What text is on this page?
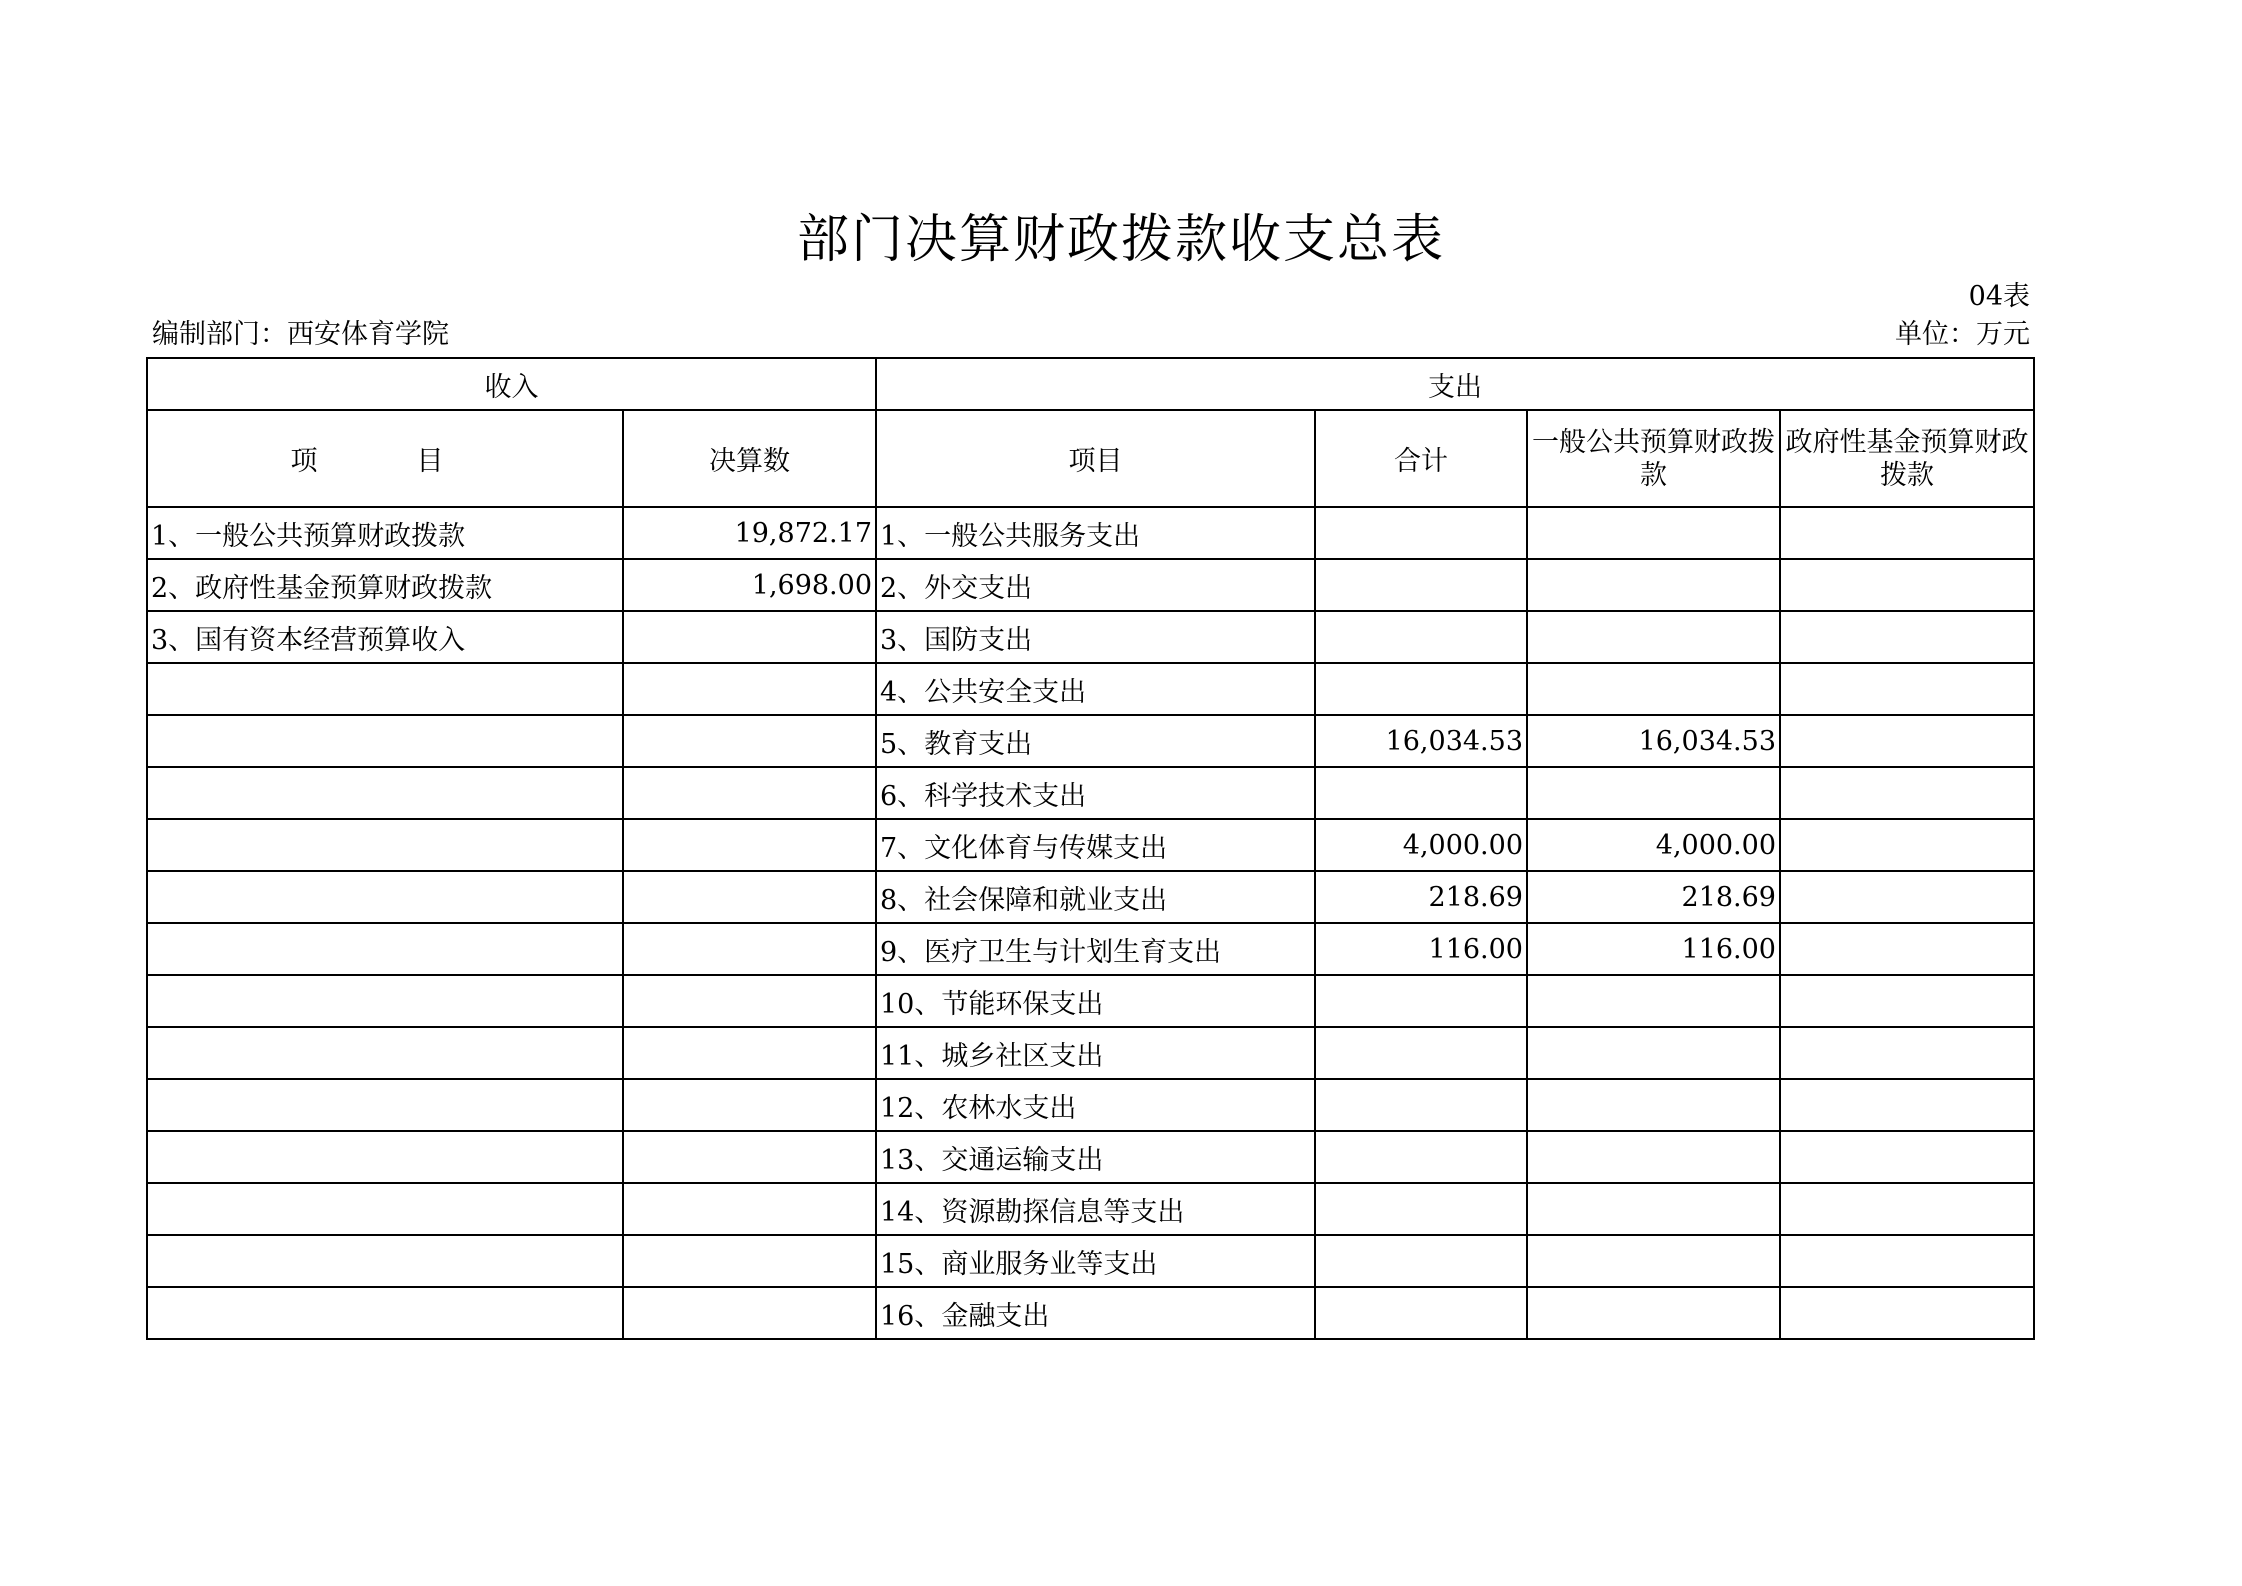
部门决算财政拨款收支总表
04表
编制部门：西安体育学院	单位：万元
收入		支出			
项　目	决算数	项目	合计	一般公共预算财政拨款	政府性基金预算财政拨款
1、一般公共预算财政拨款	19,872.17	1、一般公共服务支出			
2、政府性基金预算财政拨款	1,698.00	2、外交支出			
3、国有资本经营预算收入		3、国防支出			
		4、公共安全支出			
		5、教育支出	16,034.53	16,034.53	
		6、科学技术支出			
		7、文化体育与传媒支出	4,000.00	4,000.00	
		8、社会保障和就业支出	218.69	218.69	
		9、医疗卫生与计划生育支出	116.00	116.00	
		10、节能环保支出			
		11、城乡社区支出			
		12、农林水支出			
		13、交通运输支出			
		14、资源勘探信息等支出			
		15、商业服务业等支出			
		16、金融支出			
